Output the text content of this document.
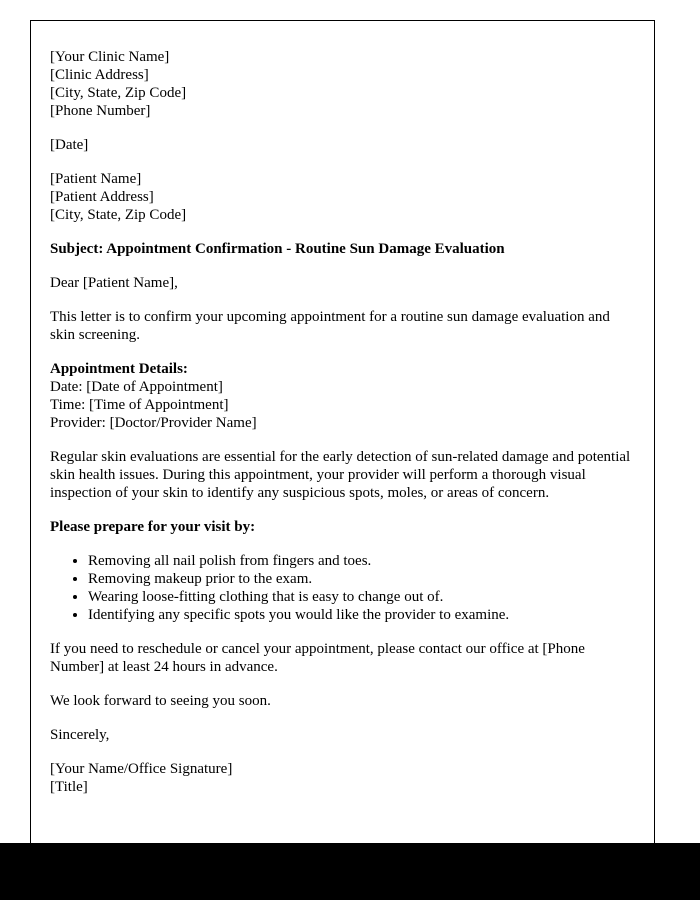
[Your Clinic Name]
[Clinic Address]
[City, State, Zip Code]
[Phone Number]
[Date]
[Patient Name]
[Patient Address]
[City, State, Zip Code]
Subject: Appointment Confirmation - Routine Sun Damage Evaluation
Dear [Patient Name],
This letter is to confirm your upcoming appointment for a routine sun damage evaluation and skin screening.
Appointment Details:
Date: [Date of Appointment]
Time: [Time of Appointment]
Provider: [Doctor/Provider Name]
Regular skin evaluations are essential for the early detection of sun-related damage and potential skin health issues. During this appointment, your provider will perform a thorough visual inspection of your skin to identify any suspicious spots, moles, or areas of concern.
Please prepare for your visit by:
• Removing all nail polish from fingers and toes.
• Removing makeup prior to the exam.
• Wearing loose-fitting clothing that is easy to change out of.
• Identifying any specific spots you would like the provider to examine.
If you need to reschedule or cancel your appointment, please contact our office at [Phone Number] at least 24 hours in advance.
We look forward to seeing you soon.
Sincerely,
[Your Name/Office Signature]
[Title]
